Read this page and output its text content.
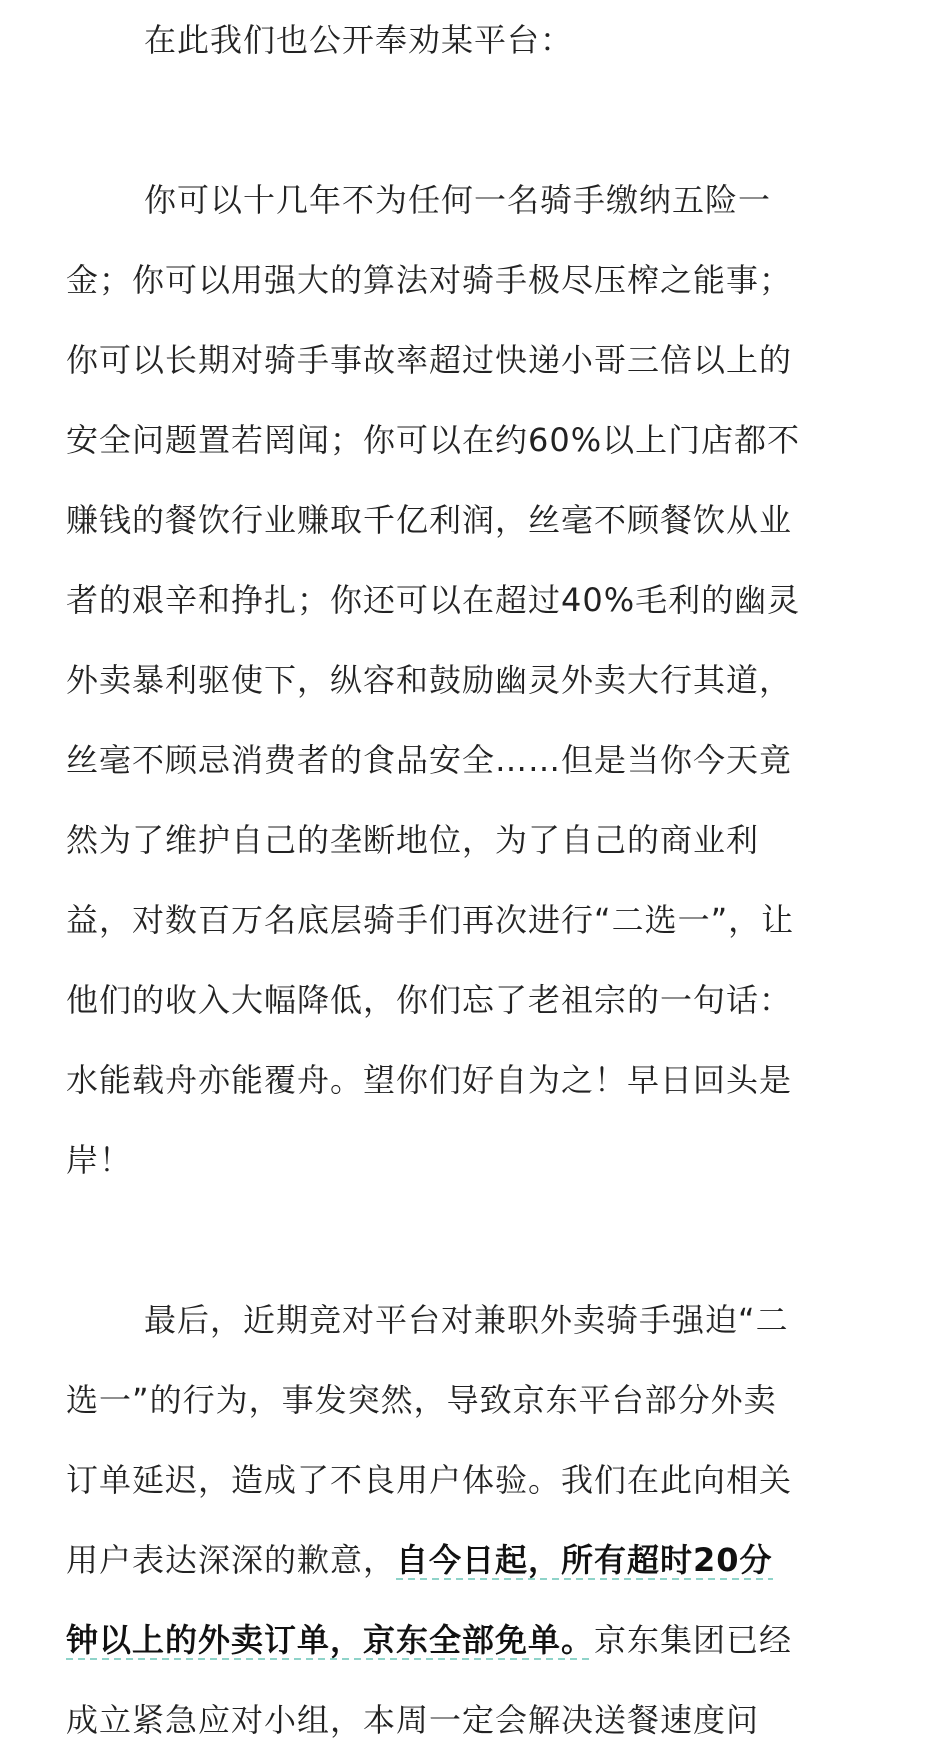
在此我们也公开奉劝某平台：
你可以十几年不为任何一名骑手缴纳五险一
金；你可以用强大的算法对骑手极尽压榨之能事；
你可以长期对骑手事故率超过快递小哥三倍以上的
安全问题置若罔闻；你可以在约60%以上门店都不
赚钱的餐饮行业赚取千亿利润，丝毫不顾餐饮从业
者的艰辛和挣扎；你还可以在超过40%毛利的幽灵
外卖暴利驱使下，纵容和鼓励幽灵外卖大行其道，
丝毫不顾忌消费者的食品安全……但是当你今天竟
然为了维护自己的垄断地位，为了自己的商业利
益，对数百万名底层骑手们再次进行“二选一”，让
他们的收入大幅降低，你们忘了老祖宗的一句话：
水能载舟亦能覆舟。望你们好自为之！早日回头是
岸！
最后，近期竞对平台对兼职外卖骑手强迫“二
选一”的行为，事发突然，导致京东平台部分外卖
订单延迟，造成了不良用户体验。我们在此向相关
用户表达深深的歉意，自今日起，所有超时20分
钟以上的外卖订单，京东全部免单。京东集团已经
成立紧急应对小组，本周一定会解决送餐速度问
